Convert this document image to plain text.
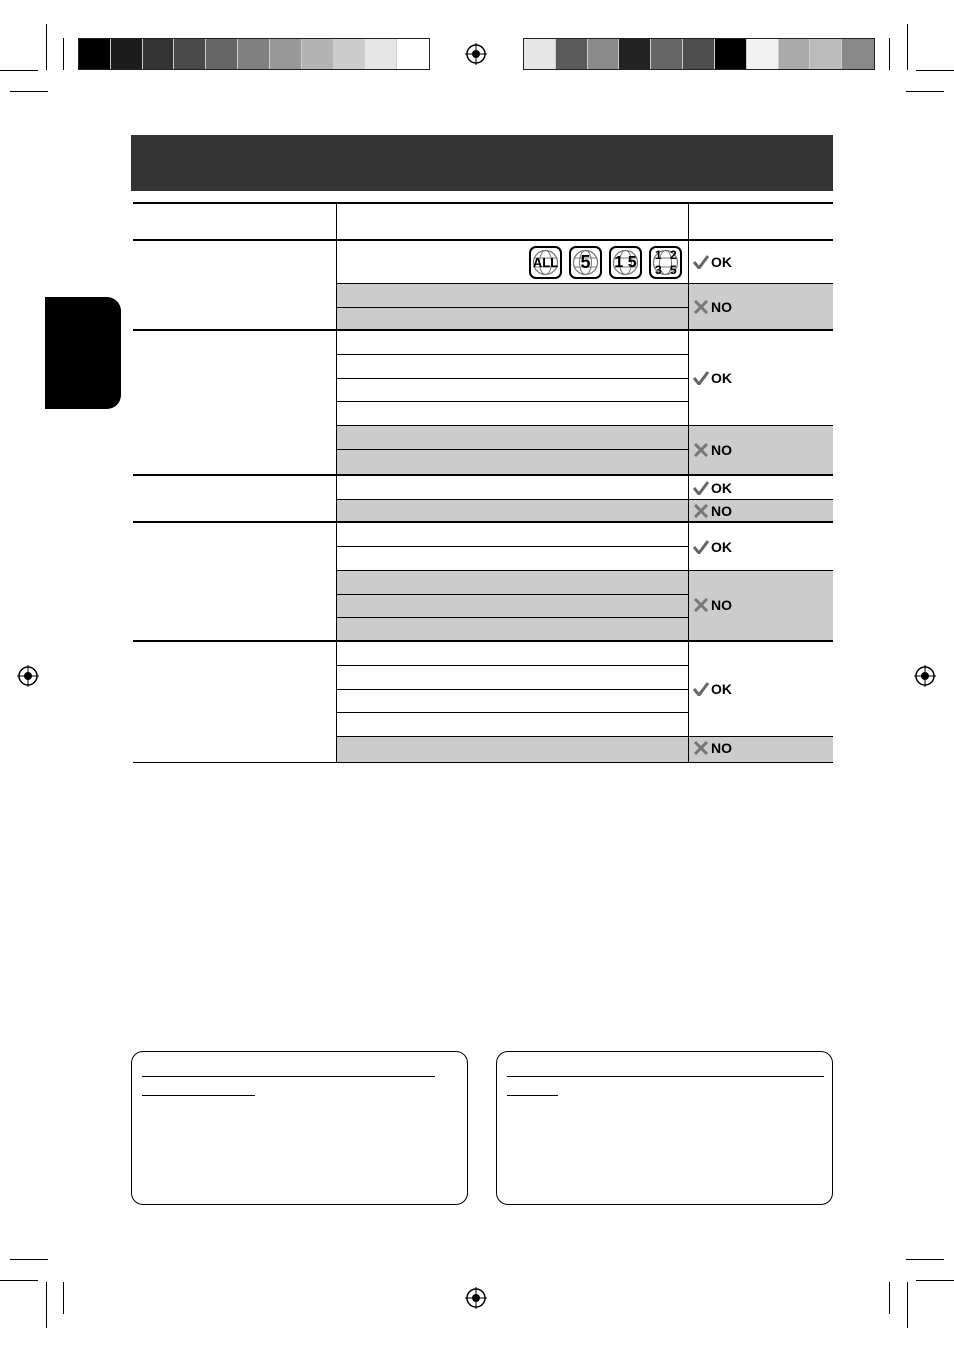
ALL	5	1 5 1 2
3 5 OK
NO
OK
NO
OK
NO
OK
NO
OK
NO
